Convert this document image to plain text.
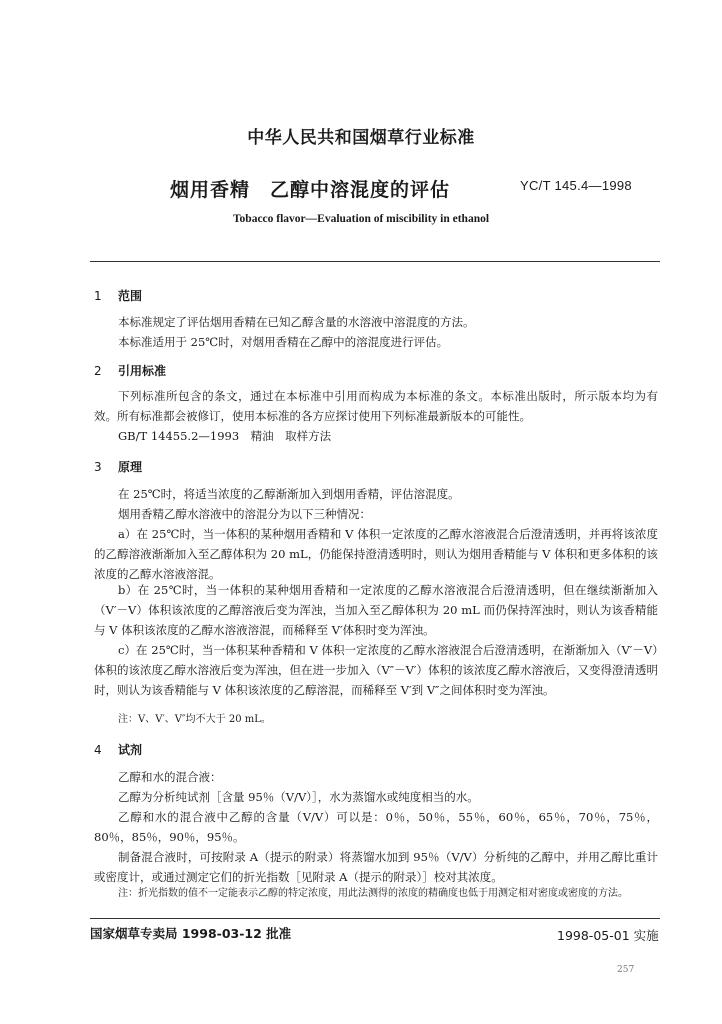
中华人民共和国烟草行业标准
烟用香精　乙醇中溶混度的评估	YC/T 145.4—1998
Tobacco flavor—Evaluation of miscibility in ethanol
1 范围
本标准规定了评估烟用香精在已知乙醇含量的水溶液中溶混度的方法。
本标准适用于 25℃时，对烟用香精在乙醇中的溶混度进行评估。
2 引用标准
下列标准所包含的条文，通过在本标准中引用而构成为本标准的条文。本标准出版时，所示版本均为有效。所有标准都会被修订，使用本标准的各方应探讨使用下列标准最新版本的可能性。
GB/T 14455.2—1993　精油　取样方法
3 原理
在 25℃时，将适当浓度的乙醇渐渐加入到烟用香精，评估溶混度。
烟用香精乙醇水溶液中的溶混分为以下三种情况：
a）在 25℃时，当一体积的某种烟用香精和 V 体积一定浓度的乙醇水溶液混合后澄清透明，并再将该浓度的乙醇溶液渐渐加入至乙醇体积为 20 mL，仍能保持澄清透明时，则认为烟用香精能与 V 体积和更多体积的该浓度的乙醇水溶液溶混。
b）在 25℃时，当一体积的某种烟用香精和一定浓度的乙醇水溶液混合后澄清透明，但在继续渐渐加入（V′－V）体积该浓度的乙醇溶液后变为浑浊，当加入至乙醇体积为 20 mL 而仍保持浑浊时，则认为该香精能与 V 体积该浓度的乙醇水溶液溶混，而稀释至 V′体积时变为浑浊。
c）在 25℃时，当一体积某种香精和 V 体积一定浓度的乙醇水溶液混合后澄清透明，在渐渐加入（V′－V）体积的该浓度乙醇水溶液后变为浑浊，但在进一步加入（V″－V′）体积的该浓度乙醇水溶液后，又变得澄清透明时，则认为该香精能与 V 体积该浓度的乙醇溶混，而稀释至 V′到 V″之间体积时变为浑浊。
注：V、V′、V″均不大于 20 mL。
4 试剂
乙醇和水的混合液：
乙醇为分析纯试剂［含量 95％（V/V）］，水为蒸馏水或纯度相当的水。
乙醇和水的混合液中乙醇的含量（V/V）可以是：0％，50％，55％，60％，65％，70％，75％，80％，85％，90％，95％。
制备混合液时，可按附录 A（提示的附录）将蒸馏水加到 95％（V/V）分析纯的乙醇中，并用乙醇比重计或密度计，或通过测定它们的折光指数［见附录 A（提示的附录）］校对其浓度。
注：折光指数的值不一定能表示乙醇的特定浓度，用此法测得的浓度的精确度也低于用测定相对密度或密度的方法。
国家烟草专卖局 1998-03-12 批准	1998-05-01 实施
257
